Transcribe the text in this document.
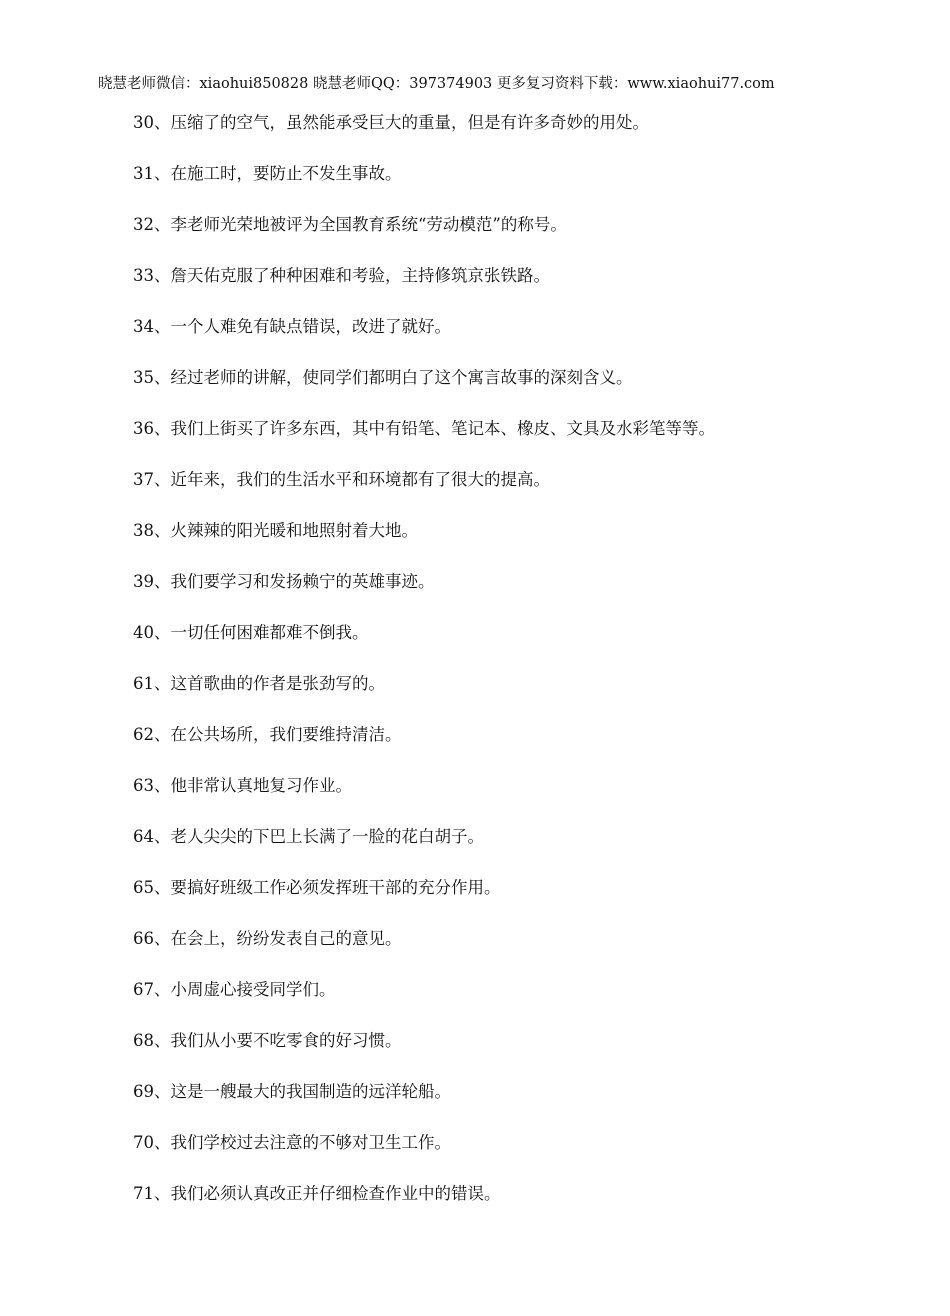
晓慧老师微信：xiaohui850828 晓慧老师QQ：397374903 更多复习资料下载：www.xiaohui77.com
30、压缩了的空气，虽然能承受巨大的重量，但是有许多奇妙的用处。
31、在施工时，要防止不发生事故。
32、李老师光荣地被评为全国教育系统“劳动模范”的称号。
33、詹天佑克服了种种困难和考验，主持修筑京张铁路。
34、一个人难免有缺点错误，改进了就好。
35、经过老师的讲解，使同学们都明白了这个寓言故事的深刻含义。
36、我们上街买了许多东西，其中有铅笔、笔记本、橡皮、文具及水彩笔等等。
37、近年来，我们的生活水平和环境都有了很大的提高。
38、火辣辣的阳光暖和地照射着大地。
39、我们要学习和发扬赖宁的英雄事迹。
40、一切任何困难都难不倒我。
61、这首歌曲的作者是张劲写的。
62、在公共场所，我们要维持清洁。
63、他非常认真地复习作业。
64、老人尖尖的下巴上长满了一脸的花白胡子。
65、要搞好班级工作必须发挥班干部的充分作用。
66、在会上，纷纷发表自己的意见。
67、小周虚心接受同学们。
68、我们从小要不吃零食的好习惯。
69、这是一艘最大的我国制造的远洋轮船。
70、我们学校过去注意的不够对卫生工作。
71、我们必须认真改正并仔细检查作业中的错误。
